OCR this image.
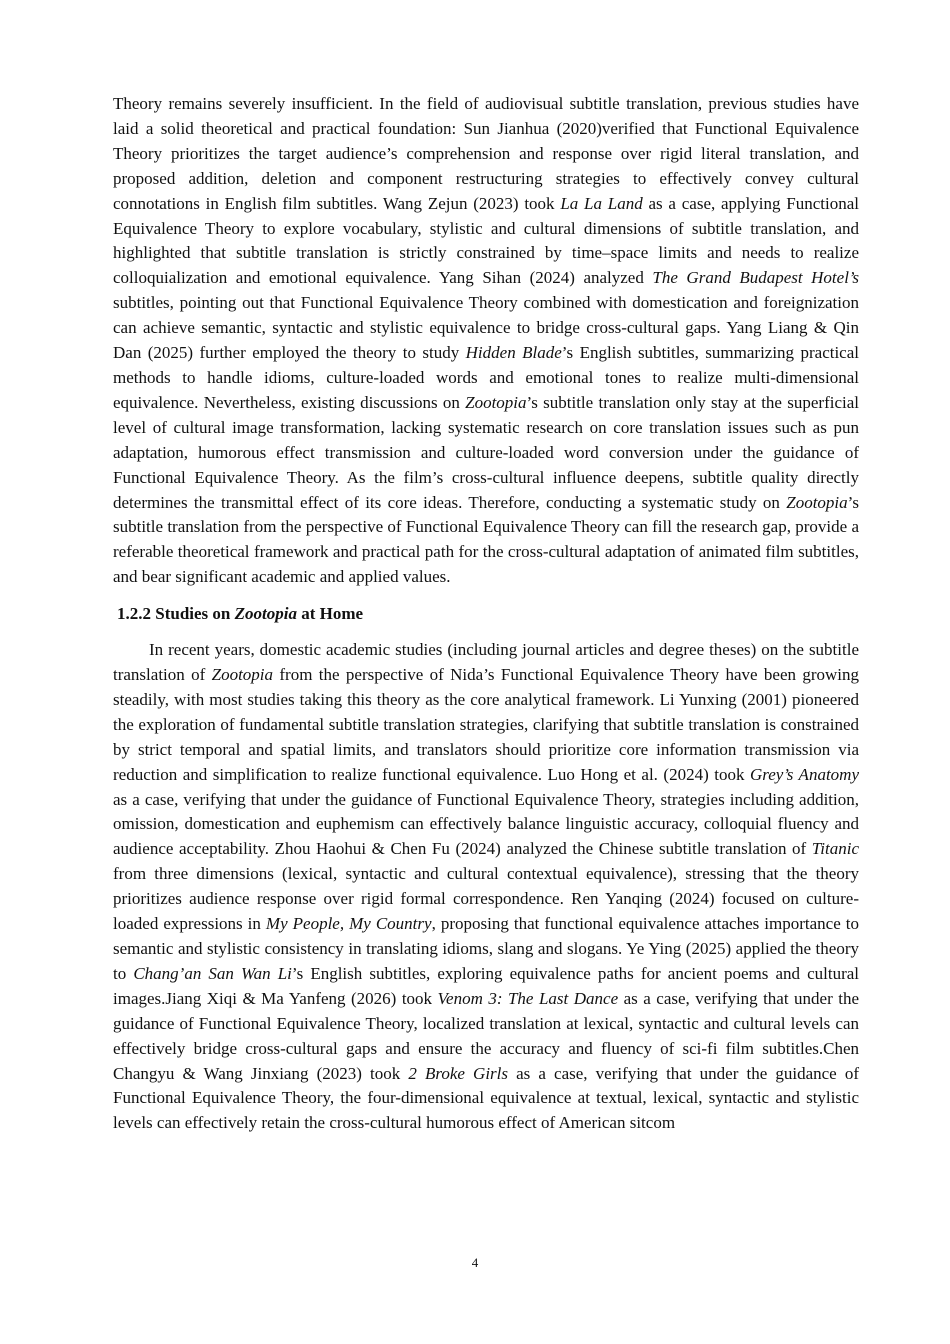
Theory remains severely insufficient. In the field of audiovisual subtitle translation, previous studies have laid a solid theoretical and practical foundation: Sun Jianhua (2020)verified that Functional Equivalence Theory prioritizes the target audience’s comprehension and response over rigid literal translation, and proposed addition, deletion and component restructuring strategies to effectively convey cultural connotations in English film subtitles. Wang Zejun (2023) took La La Land as a case, applying Functional Equivalence Theory to explore vocabulary, stylistic and cultural dimensions of subtitle translation, and highlighted that subtitle translation is strictly constrained by time–space limits and needs to realize colloquialization and emotional equivalence. Yang Sihan (2024) analyzed The Grand Budapest Hotel’s subtitles, pointing out that Functional Equivalence Theory combined with domestication and foreignization can achieve semantic, syntactic and stylistic equivalence to bridge cross-cultural gaps. Yang Liang & Qin Dan (2025) further employed the theory to study Hidden Blade’s English subtitles, summarizing practical methods to handle idioms, culture-loaded words and emotional tones to realize multi-dimensional equivalence. Nevertheless, existing discussions on Zootopia’s subtitle translation only stay at the superficial level of cultural image transformation, lacking systematic research on core translation issues such as pun adaptation, humorous effect transmission and culture-loaded word conversion under the guidance of Functional Equivalence Theory. As the film’s cross-cultural influence deepens, subtitle quality directly determines the transmittal effect of its core ideas. Therefore, conducting a systematic study on Zootopia’s subtitle translation from the perspective of Functional Equivalence Theory can fill the research gap, provide a referable theoretical framework and practical path for the cross-cultural adaptation of animated film subtitles, and bear significant academic and applied values.

1.2.2 Studies on Zootopia at Home

In recent years, domestic academic studies (including journal articles and degree theses) on the subtitle translation of Zootopia from the perspective of Nida’s Functional Equivalence Theory have been growing steadily, with most studies taking this theory as the core analytical framework. Li Yunxing (2001) pioneered the exploration of fundamental subtitle translation strategies, clarifying that subtitle translation is constrained by strict temporal and spatial limits, and translators should prioritize core information transmission via reduction and simplification to realize functional equivalence. Luo Hong et al. (2024) took Grey’s Anatomy as a case, verifying that under the guidance of Functional Equivalence Theory, strategies including addition, omission, domestication and euphemism can effectively balance linguistic accuracy, colloquial fluency and audience acceptability. Zhou Haohui & Chen Fu (2024) analyzed the Chinese subtitle translation of Titanic from three dimensions (lexical, syntactic and cultural contextual equivalence), stressing that the theory prioritizes audience response over rigid formal correspondence. Ren Yanqing (2024) focused on culture-loaded expressions in My People, My Country, proposing that functional equivalence attaches importance to semantic and stylistic consistency in translating idioms, slang and slogans. Ye Ying (2025) applied the theory to Chang’an San Wan Li’s English subtitles, exploring equivalence paths for ancient poems and cultural images.Jiang Xiqi & Ma Yanfeng (2026) took Venom 3: The Last Dance as a case, verifying that under the guidance of Functional Equivalence Theory, localized translation at lexical, syntactic and cultural levels can effectively bridge cross-cultural gaps and ensure the accuracy and fluency of sci-fi film subtitles.Chen Changyu & Wang Jinxiang (2023) took 2 Broke Girls as a case, verifying that under the guidance of Functional Equivalence Theory, the four-dimensional equivalence at textual, lexical, syntactic and stylistic levels can effectively retain the cross-cultural humorous effect of American sitcom

4
